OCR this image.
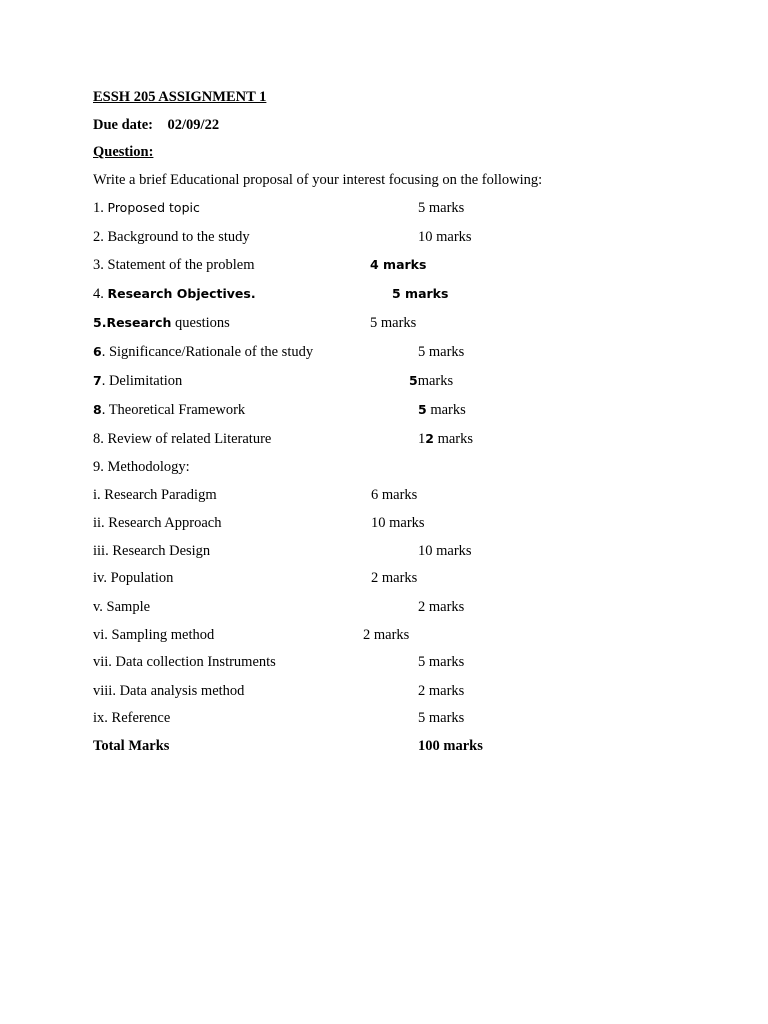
ESSH 205 ASSIGNMENT 1
Due date: 02/09/22
Question:
Write a brief Educational proposal of your interest focusing on the following:
1. Proposed topic	5 marks
2. Background to the study	10 marks
3. Statement of the problem	4 marks
4. Research Objectives.	5 marks
5.Research questions	5 marks
6. Significance/Rationale of the study	5 marks
7. Delimitation	5marks
8. Theoretical Framework	5 marks
8. Review of related Literature	12 marks
9. Methodology:
i. Research Paradigm	6 marks
ii. Research Approach	10 marks
iii. Research Design	10 marks
iv. Population	2 marks
v. Sample	2 marks
vi. Sampling method	2 marks
vii. Data collection Instruments	5 marks
viii. Data analysis method	2 marks
ix. Reference	5 marks
Total Marks	100 marks
